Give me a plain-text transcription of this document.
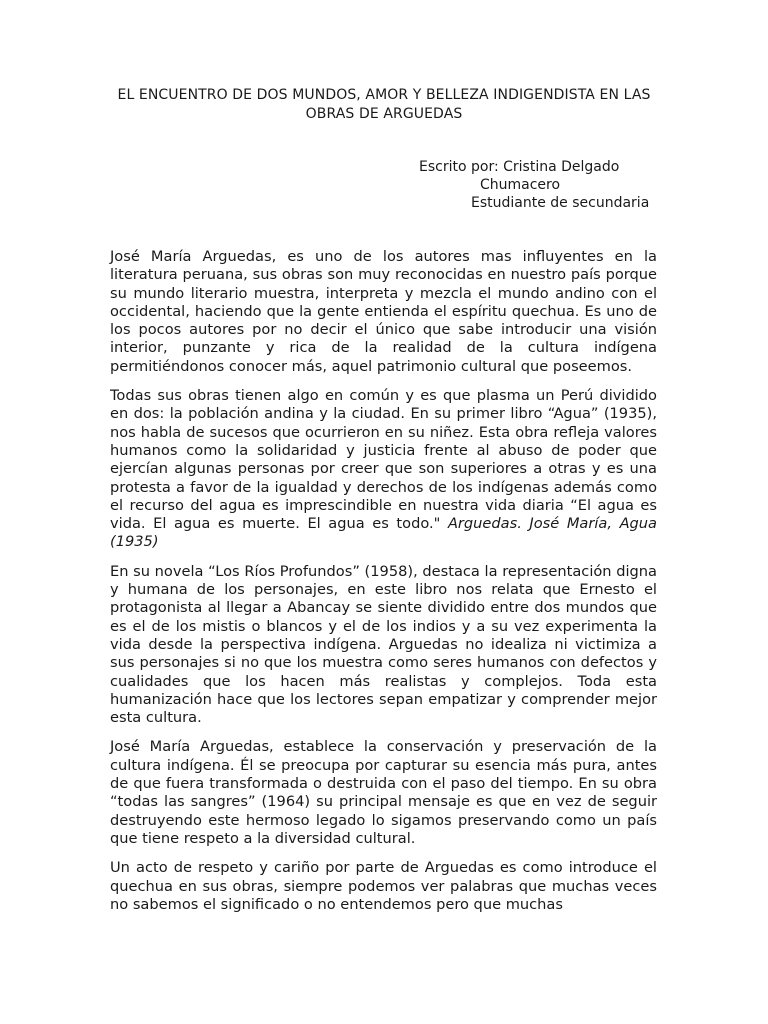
EL ENCUENTRO DE DOS MUNDOS, AMOR Y BELLEZA INDIGENDISTA EN LAS OBRAS DE ARGUEDAS
Escrito por: Cristina Delgado
Chumacero
Estudiante de secundaria

José María Arguedas, es uno de los autores mas influyentes en la literatura peruana, sus obras son muy reconocidas en nuestro país porque su mundo literario muestra, interpreta y mezcla el mundo andino con el occidental, haciendo que la gente entienda el espíritu quechua. Es uno de los pocos autores por no decir el único que sabe introducir una visión interior, punzante y rica de la realidad de la cultura indígena permitiéndonos conocer más, aquel patrimonio cultural que poseemos.

Todas sus obras tienen algo en común y es que plasma un Perú dividido en dos: la población andina y la ciudad. En su primer libro “Agua” (1935), nos habla de sucesos que ocurrieron en su niñez. Esta obra refleja valores humanos como la solidaridad y justicia frente al abuso de poder que ejercían algunas personas por creer que son superiores a otras y es una protesta a favor de la igualdad y derechos de los indígenas además como el recurso del agua es imprescindible en nuestra vida diaria “El agua es vida. El agua es muerte. El agua es todo." Arguedas. José María, Agua (1935)

En su novela “Los Ríos Profundos” (1958), destaca la representación digna y humana de los personajes, en este libro nos relata que Ernesto el protagonista al llegar a Abancay se siente dividido entre dos mundos que es el de los mistis o blancos y el de los indios y a su vez experimenta la vida desde la perspectiva indígena. Arguedas no idealiza ni victimiza a sus personajes si no que los muestra como seres humanos con defectos y cualidades que los hacen más realistas y complejos. Toda esta humanización hace que los lectores sepan empatizar y comprender mejor esta cultura.

José María Arguedas, establece la conservación y preservación de la cultura indígena. Él se preocupa por capturar su esencia más pura, antes de que fuera transformada o destruida con el paso del tiempo. En su obra “todas las sangres” (1964) su principal mensaje es que en vez de seguir destruyendo este hermoso legado lo sigamos preservando como un país que tiene respeto a la diversidad cultural.

Un acto de respeto y cariño por parte de Arguedas es como introduce el quechua en sus obras, siempre podemos ver palabras que muchas veces no sabemos el significado o no entendemos pero que muchas
